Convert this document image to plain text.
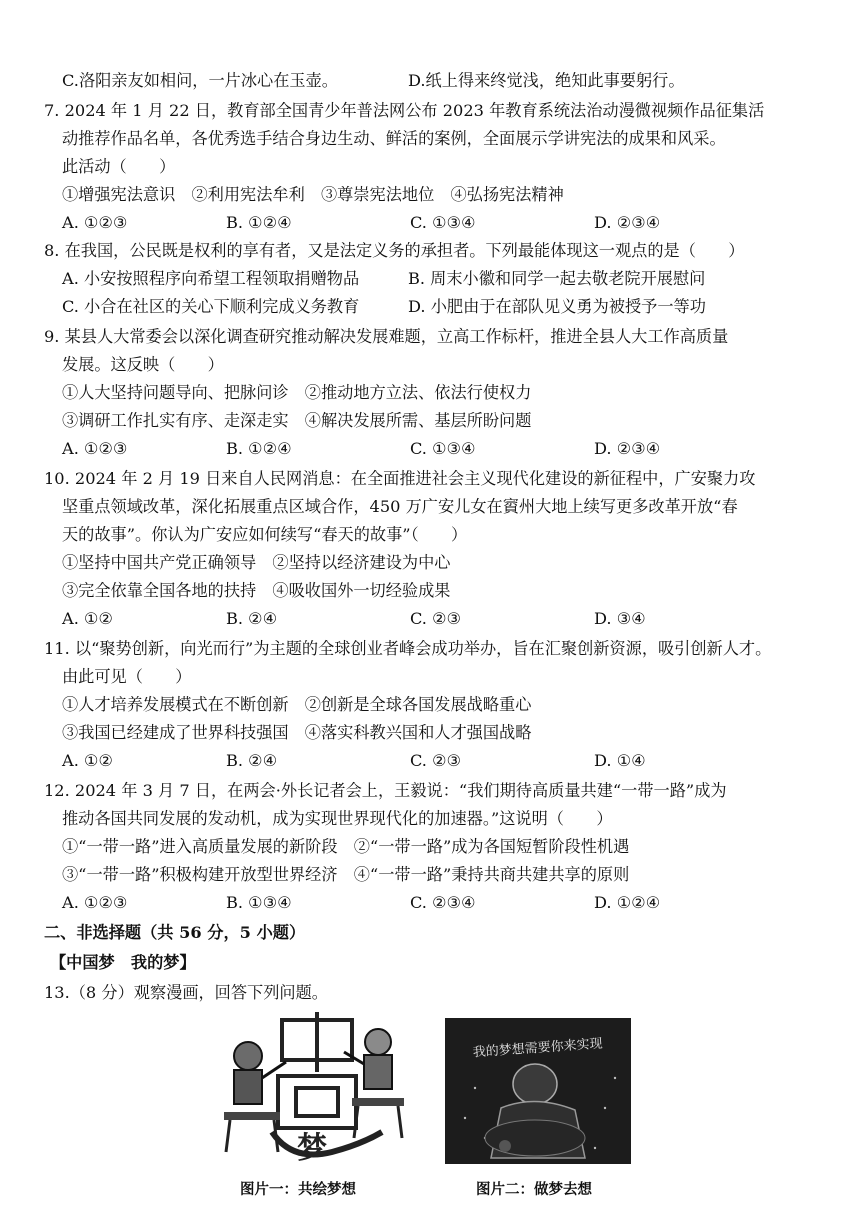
C.洛阳亲友如相问，一片冰心在玉壶。	D.纸上得来终觉浅，绝知此事要躬行。
7. 2024 年 1 月 22 日，教育部全国青少年普法网公布 2023 年教育系统法治动漫微视频作品征集活
动推荐作品名单，各优秀选手结合身边生动、鲜活的案例，全面展示学讲宪法的成果和风采。
此活动（　　）
①增强宪法意识　②利用宪法牟利　③尊崇宪法地位　④弘扬宪法精神
A. ①②③	B. ①②④	C. ①③④	D. ②③④
8. 在我国，公民既是权利的享有者，又是法定义务的承担者。下列最能体现这一观点的是（　　）
A. 小安按照程序向希望工程领取捐赠物品	B. 周末小徽和同学一起去敬老院开展慰问
C. 小合在社区的关心下顺利完成义务教育	D. 小肥由于在部队见义勇为被授予一等功
9. 某县人大常委会以深化调查研究推动解决发展难题，立高工作标杆，推进全县人大工作高质量
发展。这反映（　　）
①人大坚持问题导向、把脉问诊　②推动地方立法、依法行使权力
③调研工作扎实有序、走深走实　④解决发展所需、基层所盼问题
A. ①②③	B. ①②④	C. ①③④	D. ②③④
10. 2024 年 2 月 19 日来自人民网消息：在全面推进社会主义现代化建设的新征程中，广安聚力攻
坚重点领域改革，深化拓展重点区域合作，450 万广安儿女在賨州大地上续写更多改革开放“春
天的故事”。你认为广安应如何续写“春天的故事”（　　）
①坚持中国共产党正确领导　②坚持以经济建设为中心
③完全依靠全国各地的扶持　④吸收国外一切经验成果
A. ①②	B. ②④	C. ②③	D. ③④
11. 以“聚势创新，向光而行”为主题的全球创业者峰会成功举办，旨在汇聚创新资源，吸引创新人才。
由此可见（　　）
①人才培养发展模式在不断创新　②创新是全球各国发展战略重心
③我国已经建成了世界科技强国　④落实科教兴国和人才强国战略
A. ①②	B. ②④	C. ②③	D. ①④
12. 2024 年 3 月 7 日，在两会·外长记者会上，王毅说：“我们期待高质量共建“一带一路”成为
推动各国共同发展的发动机，成为实现世界现代化的加速器。”这说明（　　）
①“一带一路”进入高质量发展的新阶段　②“一带一路”成为各国短暂阶段性机遇
③“一带一路”积极构建开放型世界经济　④“一带一路”秉持共商共建共享的原则
A. ①②③	B. ①③④	C. ②③④	D. ①②④
二、非选择题（共 56 分，5 小题）
【中国梦　我的梦】
13.（8 分）观察漫画，回答下列问题。
梦
我的梦想需要你来实现
图片一：共绘梦想	图片二：做梦去想
